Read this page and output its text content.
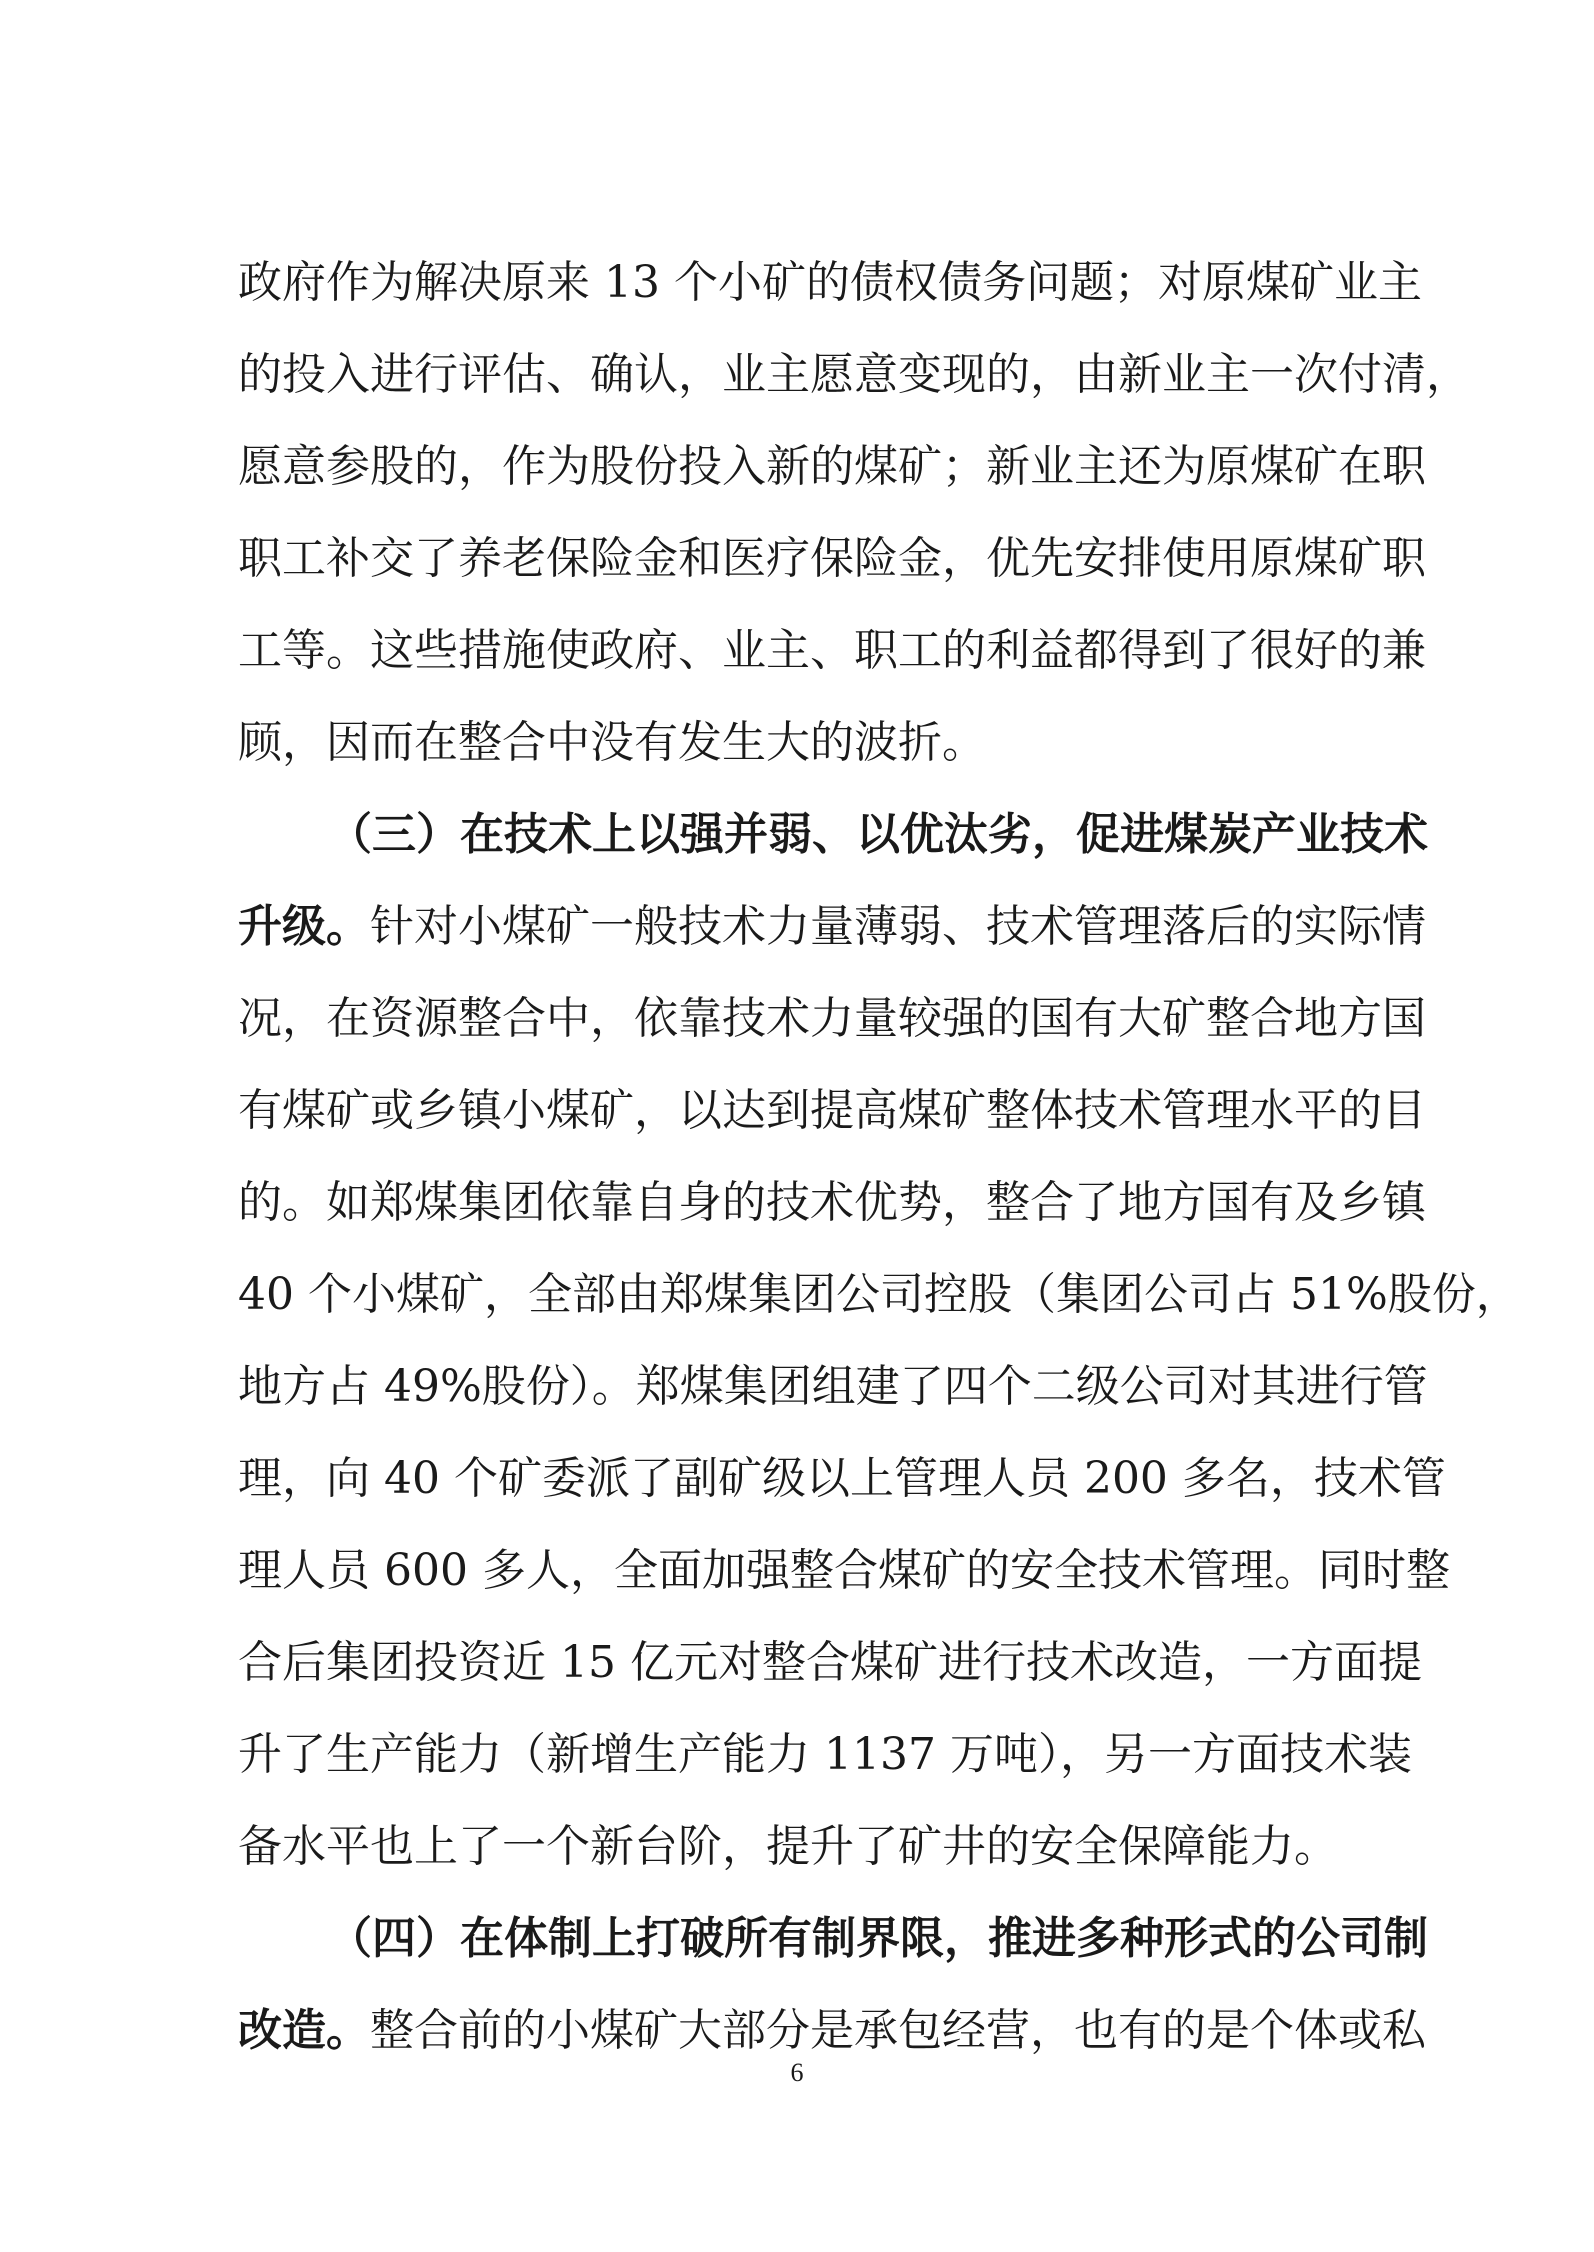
政府作为解决原来 13 个小矿的债权债务问题；对原煤矿业主
的投入进行评估、确认，业主愿意变现的，由新业主一次付清，
愿意参股的，作为股份投入新的煤矿；新业主还为原煤矿在职
职工补交了养老保险金和医疗保险金，优先安排使用原煤矿职
工等。这些措施使政府、业主、职工的利益都得到了很好的兼
顾，因而在整合中没有发生大的波折。
（三）在技术上以强并弱、以优汰劣，促进煤炭产业技术
升级。针对小煤矿一般技术力量薄弱、技术管理落后的实际情
况，在资源整合中，依靠技术力量较强的国有大矿整合地方国
有煤矿或乡镇小煤矿，以达到提高煤矿整体技术管理水平的目
的。如郑煤集团依靠自身的技术优势，整合了地方国有及乡镇
40 个小煤矿，全部由郑煤集团公司控股（集团公司占 51%股份，
地方占 49%股份）。郑煤集团组建了四个二级公司对其进行管
理，向 40 个矿委派了副矿级以上管理人员 200 多名，技术管
理人员 600 多人，全面加强整合煤矿的安全技术管理。同时整
合后集团投资近 15 亿元对整合煤矿进行技术改造，一方面提
升了生产能力（新增生产能力 1137 万吨），另一方面技术装
备水平也上了一个新台阶，提升了矿井的安全保障能力。
（四）在体制上打破所有制界限，推进多种形式的公司制
改造。整合前的小煤矿大部分是承包经营，也有的是个体或私
6
